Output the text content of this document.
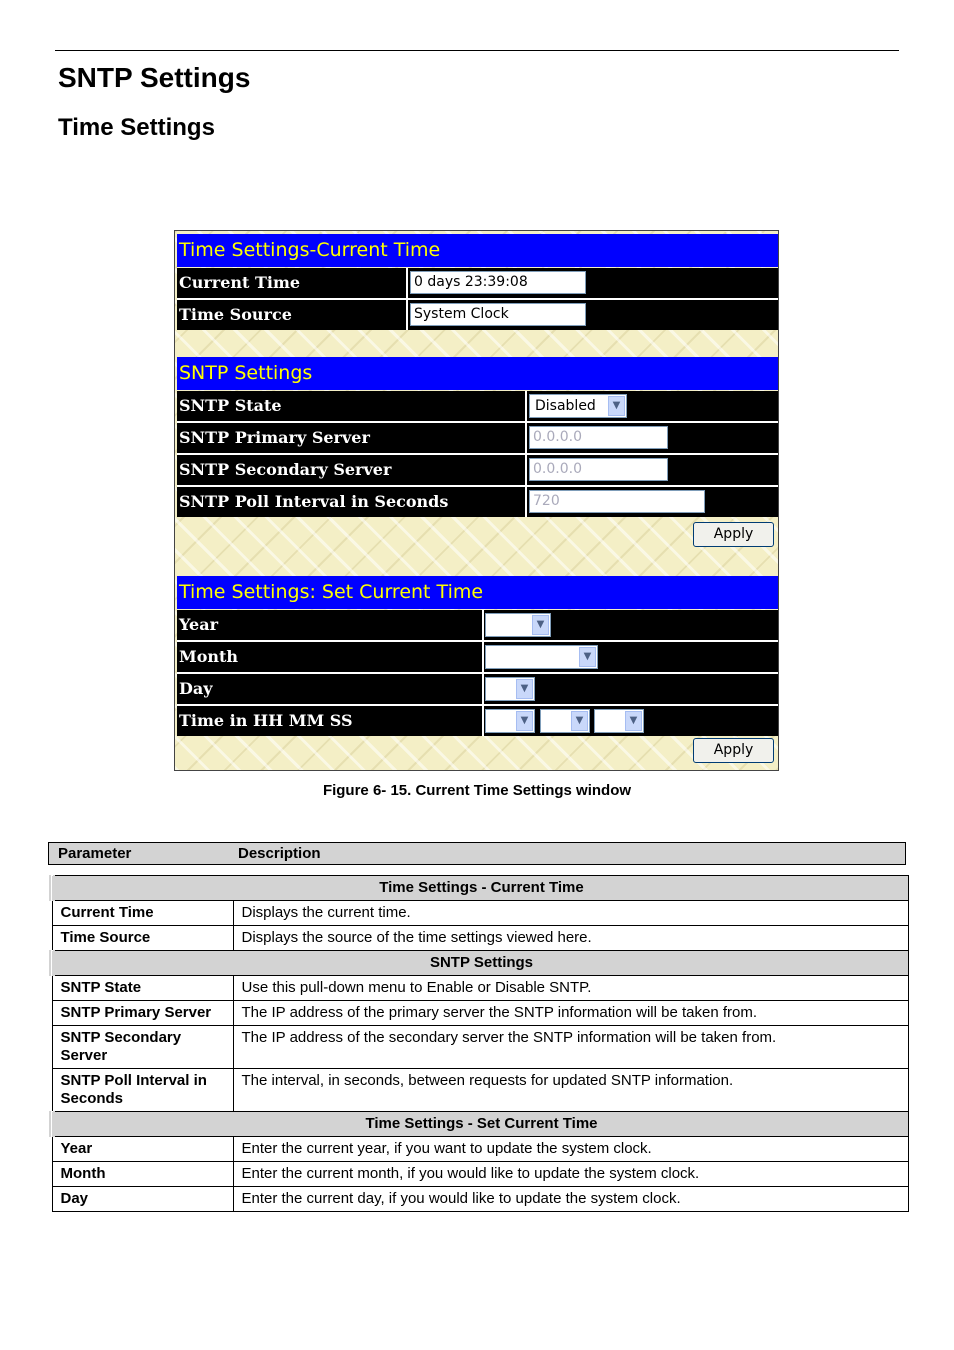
SNTP Settings
Time Settings
Time Settings-Current Time
Current Time	0 days 23:39:08
Time Source	System Clock
SNTP Settings
SNTP State	Disabled	▼
SNTP Primary Server	0.0.0.0
SNTP Secondary Server	0.0.0.0
SNTP Poll Interval in Seconds	720
Apply
Time Settings: Set Current Time
Year	▼
Month	▼
Day	▼
Time in HH MM SS	▼	▼	▼
Apply
Figure 6- 15. Current Time Settings window
Parameter	Description
Time Settings - Current Time	
Current Time	Displays the current time.
Time Source	Displays the source of the time settings viewed here.
SNTP Settings	
SNTP State	Use this pull-down menu to Enable or Disable SNTP.
SNTP Primary Server	The IP address of the primary server the SNTP information will be taken from.
SNTP Secondary Server	The IP address of the secondary server the SNTP information will be taken from.
SNTP Poll Interval in Seconds	The interval, in seconds, between requests for updated SNTP information.
Time Settings - Set Current Time	
Year	Enter the current year, if you want to update the system clock.
Month	Enter the current month, if you would like to update the system clock.
Day	Enter the current day, if you would like to update the system clock.
